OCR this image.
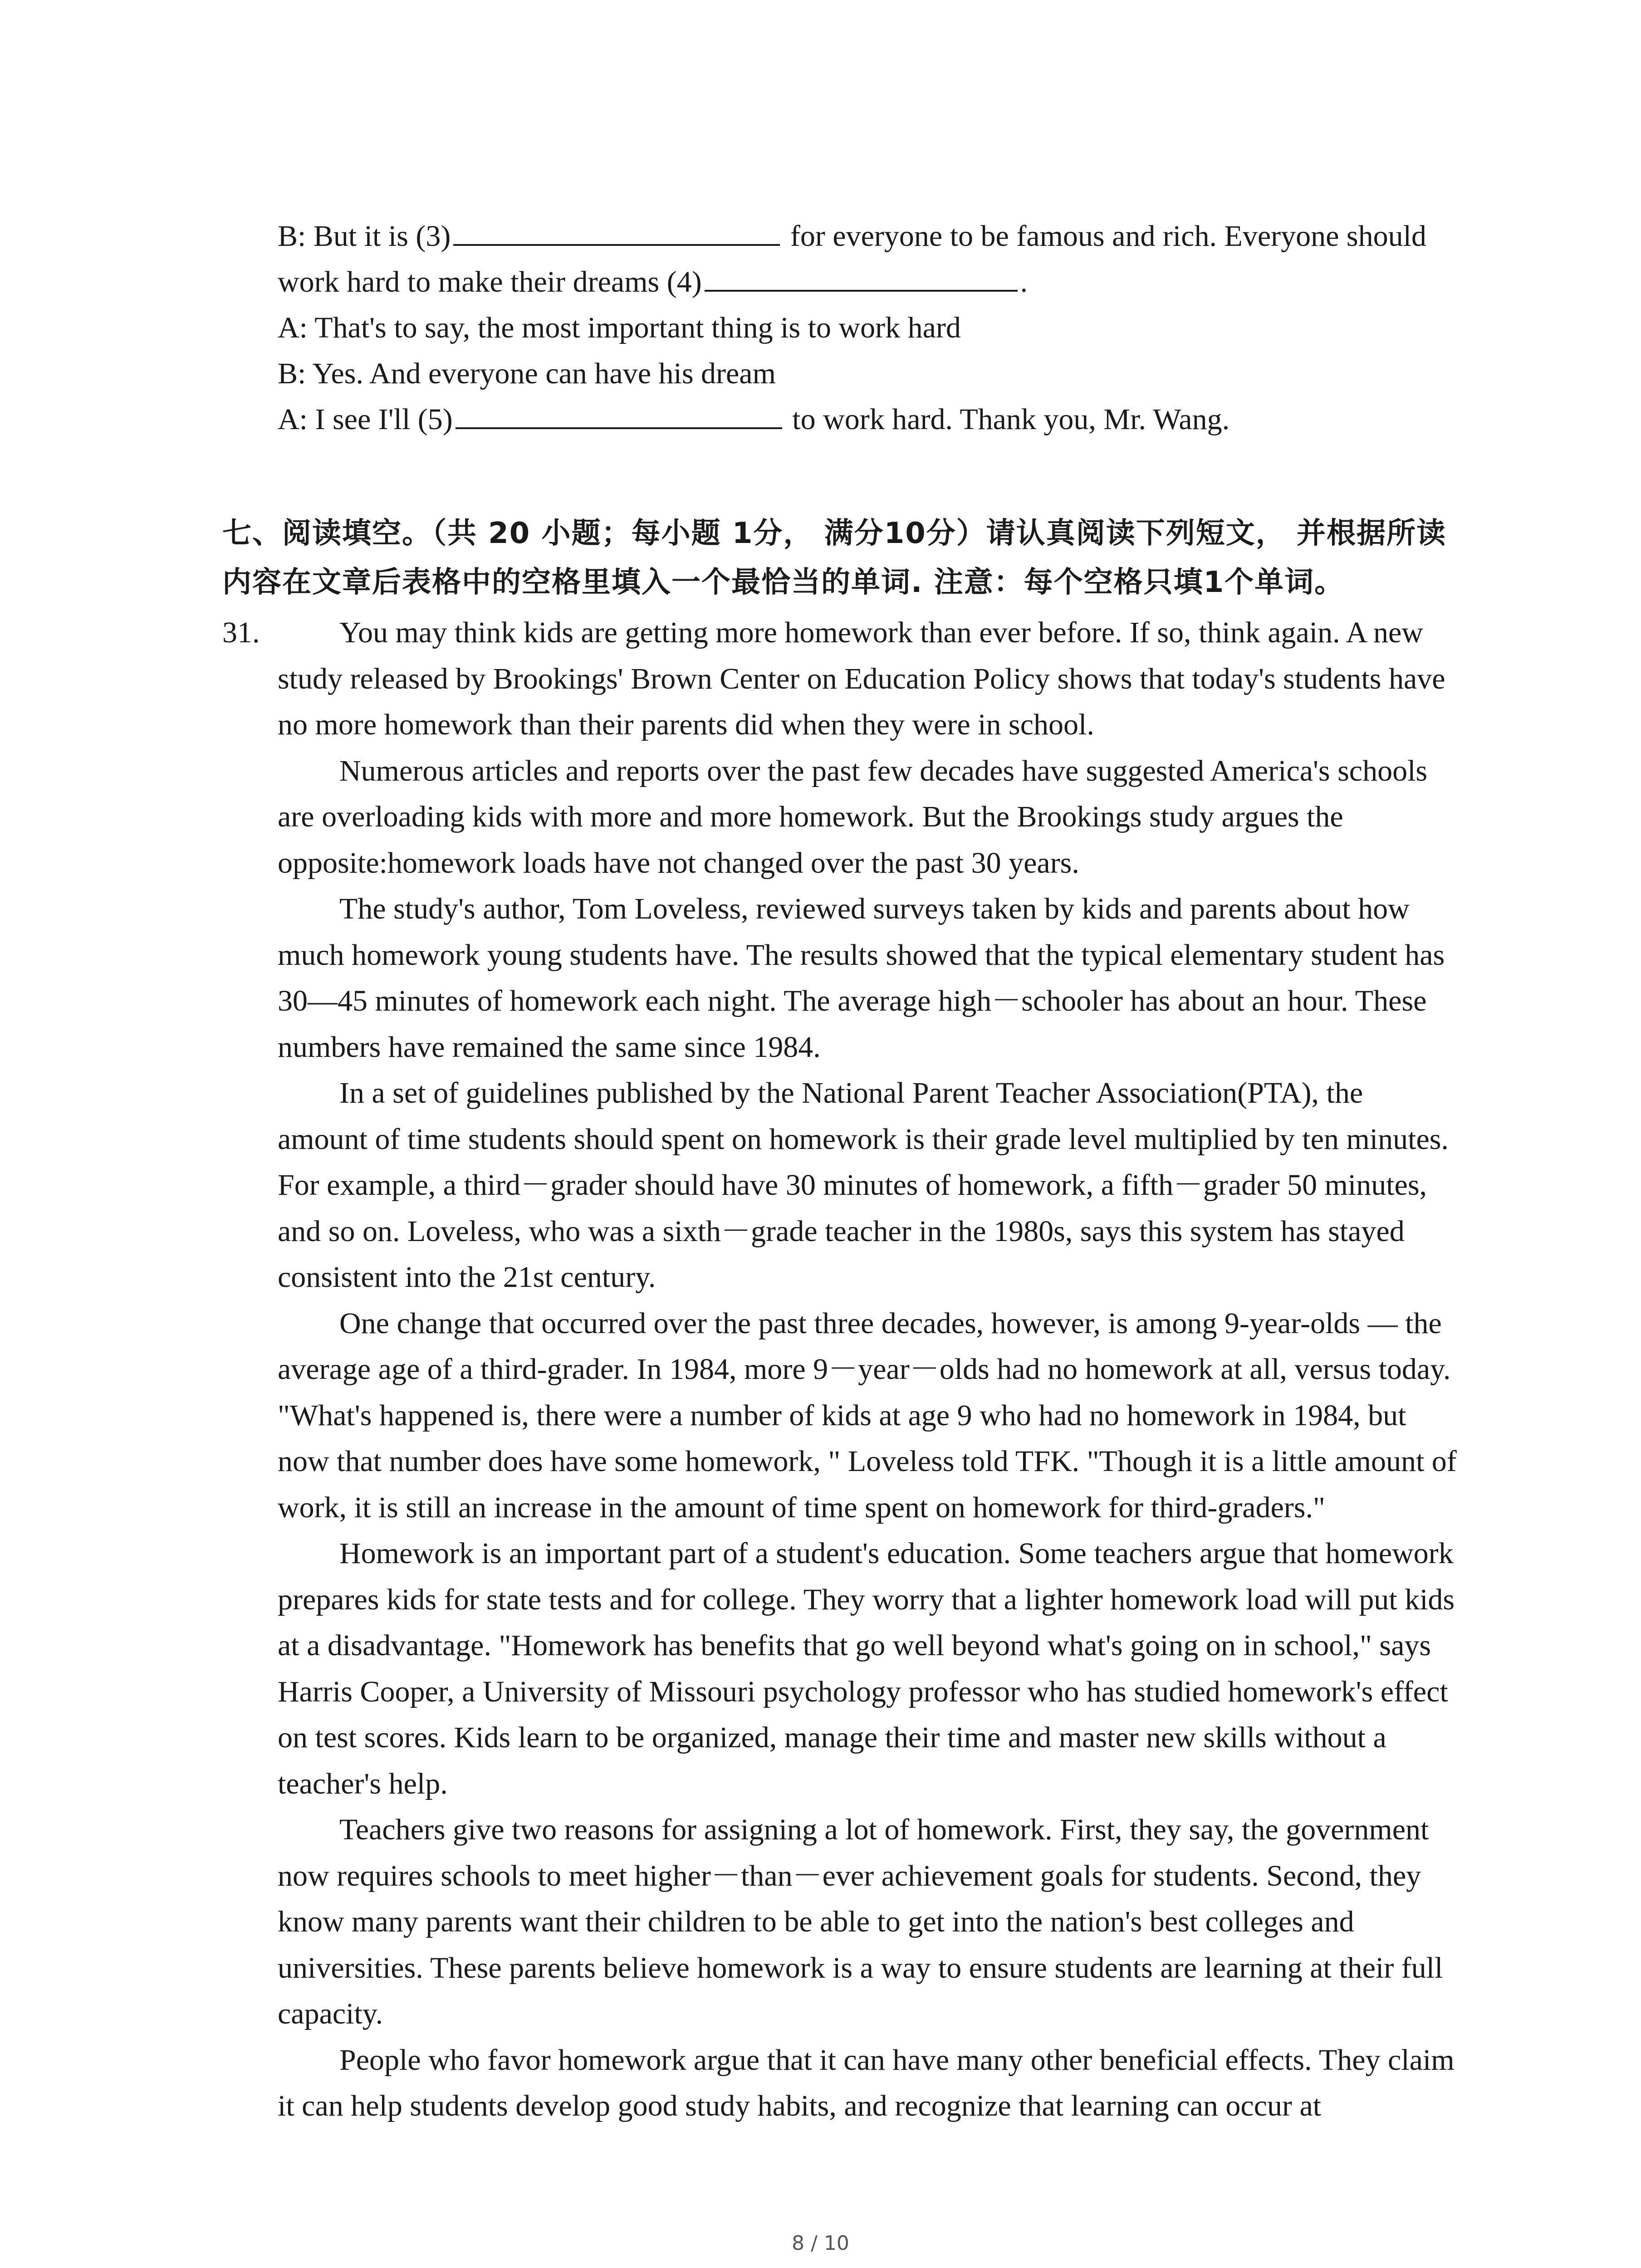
B: But it is (3)	for everyone to be famous and rich. Everyone should
work hard to make their dreams (4)	.
A: That's to say, the most important thing is to work hard
B: Yes. And everyone can have his dream
A: I see I'll (5)	to work hard. Thank you, Mr. Wang.
七、阅读填空。（共 20 小题；每小题 1分， 满分10分）请认真阅读下列短文， 并根据所读内容在文章后表格中的空格里填入一个最恰当的单词. 注意：每个空格只填1个单词。
31.	You may think kids are getting more homework than ever before. If so, think again. A new study released by Brookings' Brown Center on Education Policy shows that today's students have no more homework than their parents did when they were in school.

Numerous articles and reports over the past few decades have suggested America's schools are overloading kids with more and more homework. But the Brookings study argues the opposite:homework loads have not changed over the past 30 years.

The study's author, Tom Loveless, reviewed surveys taken by kids and parents about how much homework young students have. The results showed that the typical elementary student has 30—45 minutes of homework each night. The average high－schooler has about an hour. These numbers have remained the same since 1984.

In a set of guidelines published by the National Parent Teacher Association(PTA), the amount of time students should spent on homework is their grade level multiplied by ten minutes. For example, a third－grader should have 30 minutes of homework, a fifth－grader 50 minutes, and so on. Loveless, who was a sixth－grade teacher in the 1980s, says this system has stayed consistent into the 21st century.

One change that occurred over the past three decades, however, is among 9-year-olds — the average age of a third-grader. In 1984, more 9－year－olds had no homework at all, versus today. "What's happened is, there were a number of kids at age 9 who had no homework in 1984, but now that number does have some homework, " Loveless told TFK. "Though it is a little amount of work, it is still an increase in the amount of time spent on homework for third-graders."

Homework is an important part of a student's education. Some teachers argue that homework prepares kids for state tests and for college. They worry that a lighter homework load will put kids at a disadvantage. "Homework has benefits that go well beyond what's going on in school," says Harris Cooper, a University of Missouri psychology professor who has studied homework's effect on test scores. Kids learn to be organized, manage their time and master new skills without a teacher's help.

Teachers give two reasons for assigning a lot of homework. First, they say, the government now requires schools to meet higher－than－ever achievement goals for students. Second, they know many parents want their children to be able to get into the nation's best colleges and universities. These parents believe homework is a way to ensure students are learning at their full capacity.

People who favor homework argue that it can have many other beneficial effects. They claim it can help students develop good study habits, and recognize that learning can occur at

8 / 10
